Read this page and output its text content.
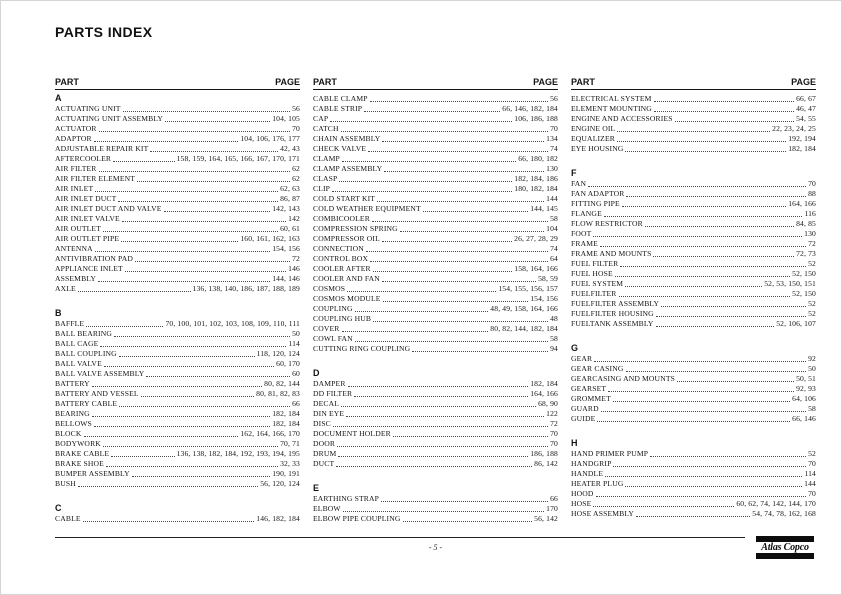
PARTS INDEX
PART	PAGE
A
ACTUATING UNIT	56
ACTUATING UNIT ASSEMBLY	104, 105
ACTUATOR	70
ADAPTOR	104, 106, 176, 177
ADJUSTABLE REPAIR KIT	42, 43
AFTERCOOLER	158, 159, 164, 165, 166, 167, 170, 171
AIR FILTER	62
AIR FILTER ELEMENT	62
AIR INLET	62, 63
AIR INLET DUCT	86, 87
AIR INLET DUCT AND VALVE	142, 143
AIR INLET VALVE	142
AIR OUTLET	60, 61
AIR OUTLET PIPE	160, 161, 162, 163
ANTENNA	154, 156
ANTIVIBRATION PAD	72
APPLIANCE INLET	146
ASSEMBLY	144, 146
AXLE	136, 138, 140, 186, 187, 188, 189
B
BAFFLE	70, 100, 101, 102, 103, 108, 109, 110, 111
BALL BEARING	50
BALL CAGE	114
BALL COUPLING	118, 120, 124
BALL VALVE	60, 170
BALL VALVE ASSEMBLY	60
BATTERY	80, 82, 144
BATTERY AND VESSEL	80, 81, 82, 83
BATTERY CABLE	66
BEARING	182, 184
BELLOWS	182, 184
BLOCK	162, 164, 166, 170
BODYWORK	70, 71
BRAKE CABLE	136, 138, 182, 184, 192, 193, 194, 195
BRAKE SHOE	32, 33
BUMPER ASSEMBLY	190, 191
BUSH	56, 120, 124
C
CABLE	146, 182, 184
PART	PAGE
CABLE CLAMP	56
CABLE STRIP	66, 146, 182, 184
CAP	106, 186, 188
CATCH	70
CHAIN ASSEMBLY	134
CHECK VALVE	74
CLAMP	66, 180, 182
CLAMP ASSEMBLY	130
CLASP	182, 184, 186
CLIP	180, 182, 184
COLD START KIT	144
COLD WEATHER EQUIPMENT	144, 145
COMBICOOLER	58
COMPRESSION SPRING	104
COMPRESSOR OIL	26, 27, 28, 29
CONNECTION	74
CONTROL BOX	64
COOLER AFTER	158, 164, 166
COOLER AND FAN	58, 59
COSMOS	154, 155, 156, 157
COSMOS MODULE	154, 156
COUPLING	48, 49, 158, 164, 166
COUPLING HUB	48
COVER	80, 82, 144, 182, 184
COWL FAN	58
CUTTING RING COUPLING	94
D
DAMPER	182, 184
DD FILTER	164, 166
DECAL	68, 90
DIN EYE	122
DISC	72
DOCUMENT HOLDER	70
DOOR	70
DRUM	186, 188
DUCT	86, 142
E
EARTHING STRAP	66
ELBOW	170
ELBOW PIPE COUPLING	56, 142
PART	PAGE
ELECTRICAL SYSTEM	66, 67
ELEMENT MOUNTING	46, 47
ENGINE AND ACCESSORIES	54, 55
ENGINE OIL	22, 23, 24, 25
EQUALIZER	192, 194
EYE HOUSING	182, 184
F
FAN	70
FAN ADAPTOR	88
FITTING PIPE	164, 166
FLANGE	116
FLOW RESTRICTOR	84, 85
FOOT	130
FRAME	72
FRAME AND MOUNTS	72, 73
FUEL FILTER	52
FUEL HOSE	52, 150
FUEL SYSTEM	52, 53, 150, 151
FUELFILTER	52, 150
FUELFILTER ASSEMBLY	52
FUELFILTER HOUSING	52
FUELTANK ASSEMBLY	52, 106, 107
G
GEAR	92
GEAR CASING	50
GEARCASING AND MOUNTS	50, 51
GEARSET	92, 93
GROMMET	64, 106
GUARD	58
GUIDE	66, 146
H
HAND PRIMER PUMP	52
HANDGRIP	70
HANDLE	114
HEATER PLUG	144
HOOD	70
HOSE	60, 62, 74, 142, 144, 170
HOSE ASSEMBLY	54, 74, 78, 162, 168
- 5 -	Atlas Copco
